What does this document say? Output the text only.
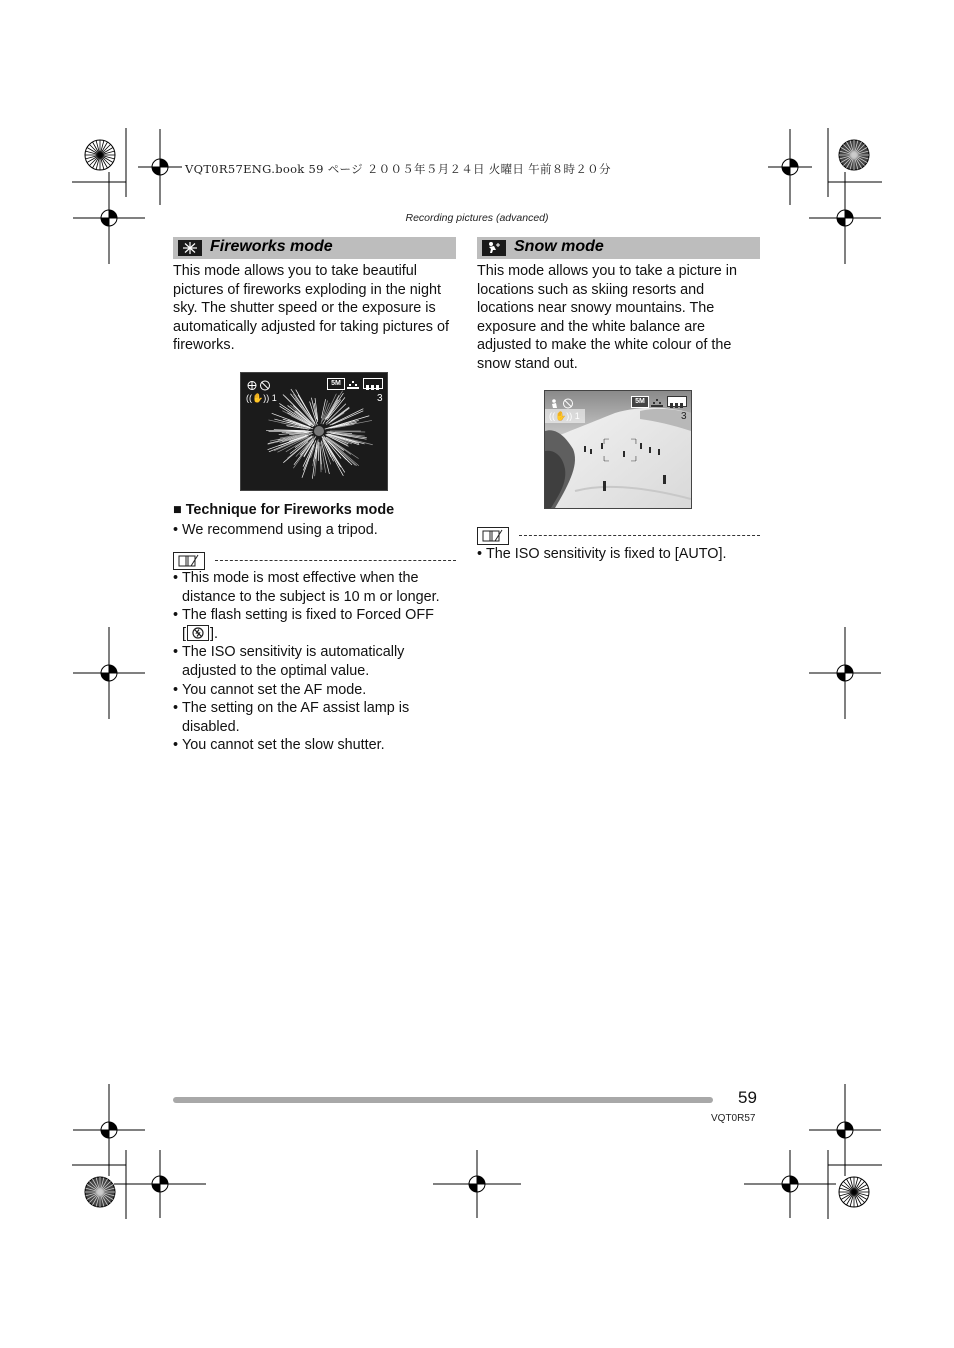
VQT0R57ENG.book 59 ページ ２００５年５月２４日 火曜日 午前８時２０分
Recording pictures (advanced)
Fireworks mode
This mode allows you to take beautiful
pictures of fireworks exploding in the night
sky. The shutter speed or the exposure is
automatically adjusted for taking pictures of
fireworks.
((✋)) 1
5M
3
■ Technique for Fireworks mode
• We recommend using a tripod.
• This mode is most effective when the
distance to the subject is 10 m or longer.
• The flash setting is fixed to Forced OFF
[ ].
• The ISO sensitivity is automatically
adjusted to the optimal value.
• You cannot set the AF mode.
• The setting on the AF assist lamp is
disabled.
• You cannot set the slow shutter.
Snow mode
This mode allows you to take a picture in
locations such as skiing resorts and
locations near snowy mountains. The
exposure and the white balance are
adjusted to make the white colour of the
snow stand out.
((✋)) 1
5M
3
• The ISO sensitivity is fixed to [AUTO].
59
VQT0R57
